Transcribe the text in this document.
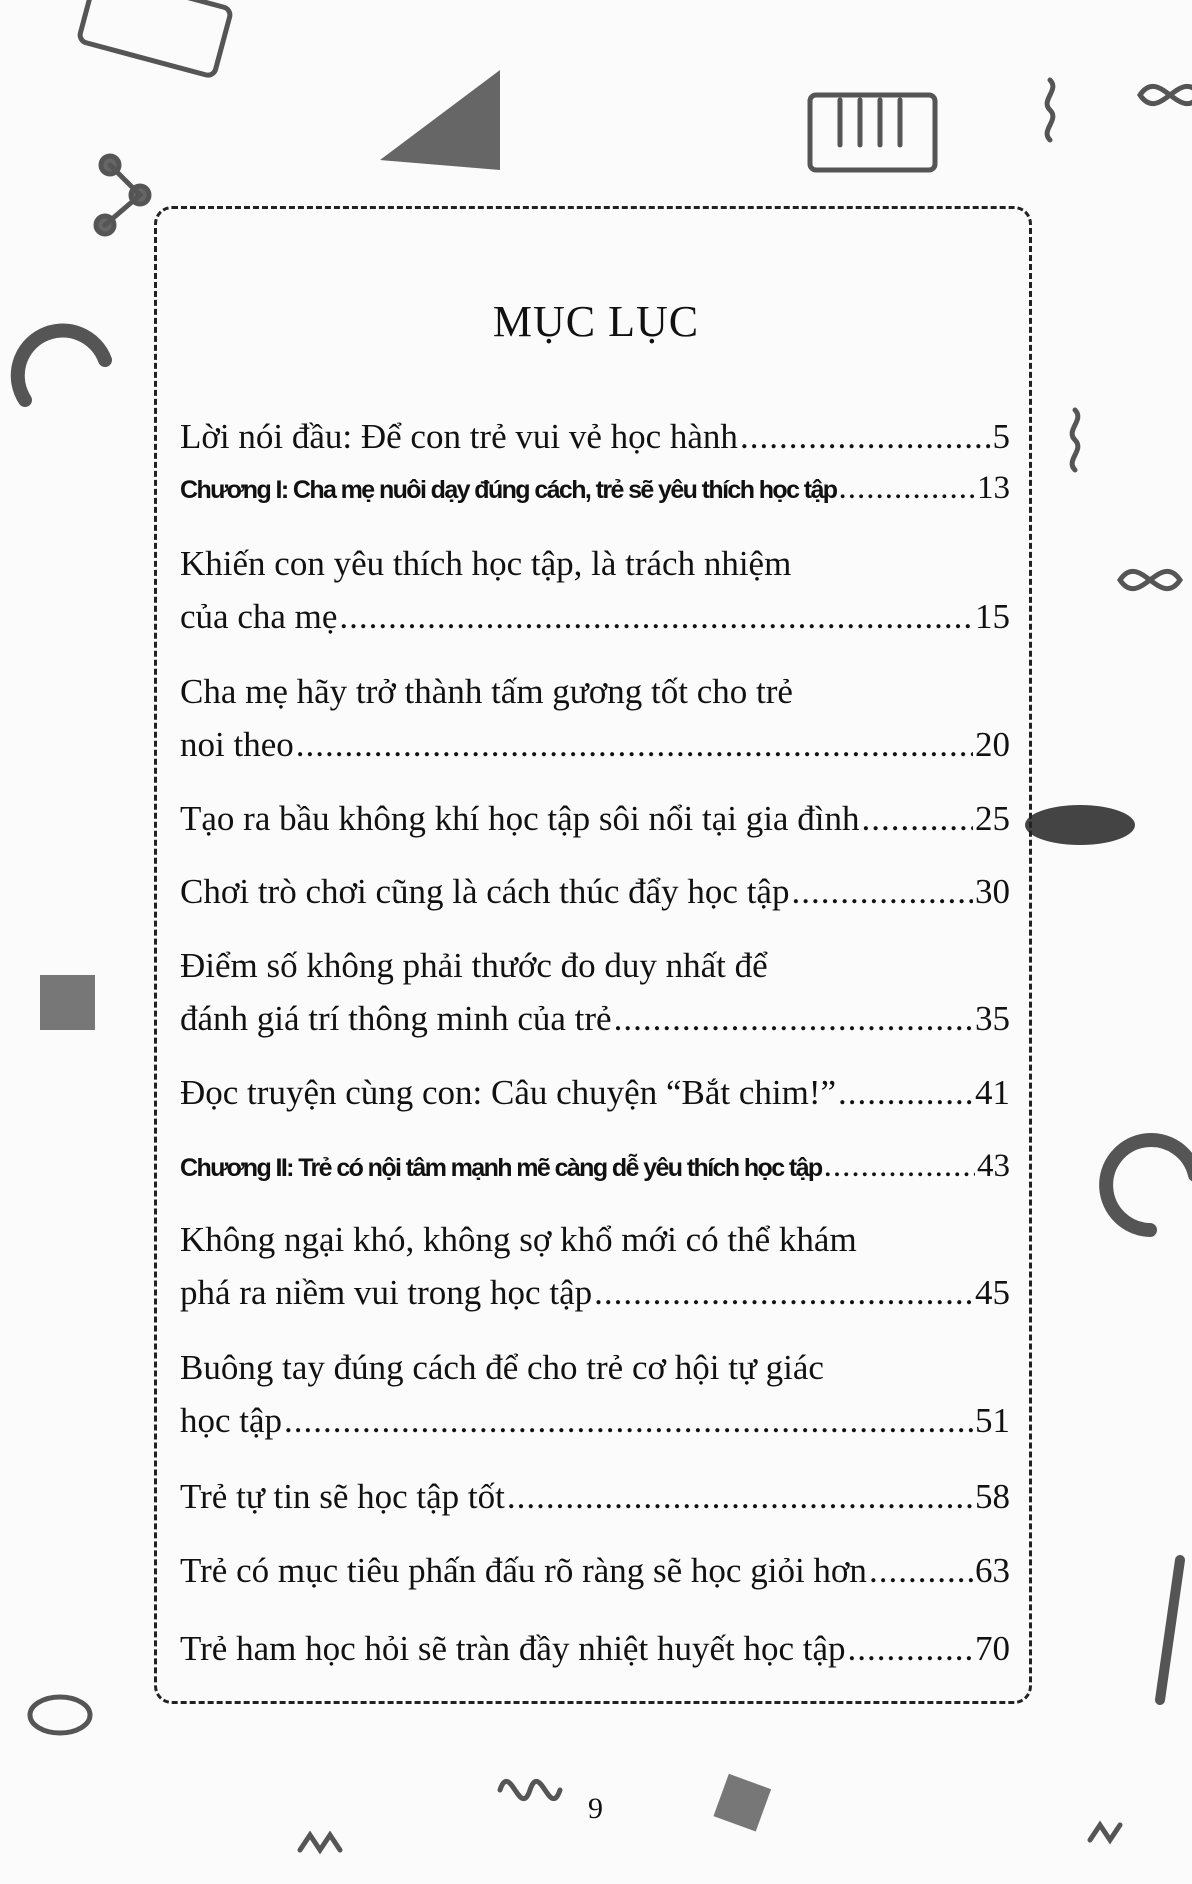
MỤC LỤC
Lời nói đầu: Để con trẻ vui vẻ học hành .....	5
Chương I: Cha mẹ nuôi dạy đúng cách, trẻ sẽ yêu thích học tập .....	13
Khiến con yêu thích học tập, là trách nhiệm
của cha mẹ .....	15
Cha mẹ hãy trở thành tấm gương tốt cho trẻ
noi theo .....	20
Tạo ra bầu không khí học tập sôi nổi tại gia đình .....	25
Chơi trò chơi cũng là cách thúc đẩy học tập .....	30
Điểm số không phải thước đo duy nhất để
đánh giá trí thông minh của trẻ .....	35
Đọc truyện cùng con: Câu chuyện “Bắt chim!” .....	41
Chương II: Trẻ có nội tâm mạnh mẽ càng dễ yêu thích học tập .....	43
Không ngại khó, không sợ khổ mới có thể khám
phá ra niềm vui trong học tập .....	45
Buông tay đúng cách để cho trẻ cơ hội tự giác
học tập .....	51
Trẻ tự tin sẽ học tập tốt .....	58
Trẻ có mục tiêu phấn đấu rõ ràng sẽ học giỏi hơn .....	63
Trẻ ham học hỏi sẽ tràn đầy nhiệt huyết học tập .....	70
9
